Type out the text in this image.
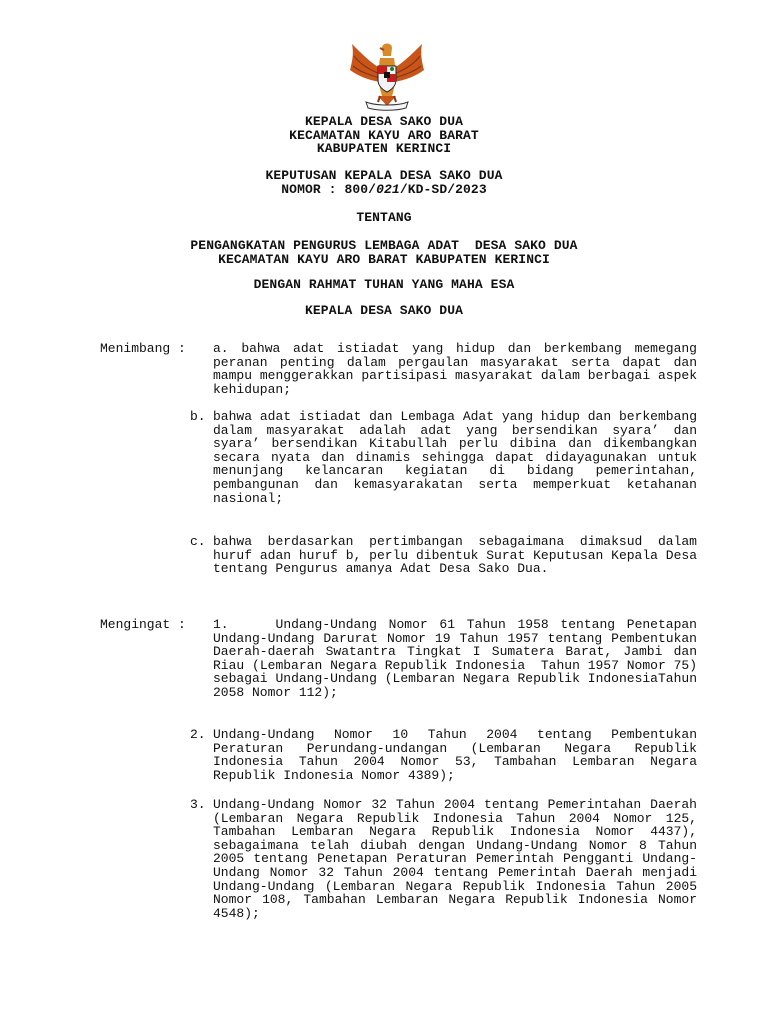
KEPALA DESA SAKO DUA
KECAMATAN KAYU ARO BARAT
KABUPATEN KERINCI
KEPUTUSAN KEPALA DESA SAKO DUA
NOMOR : 800/021/KD-SD/2023
TENTANG
PENGANGKATAN PENGURUS LEMBAGA ADAT  DESA SAKO DUA
KECAMATAN KAYU ARO BARAT KABUPATEN KERINCI
DENGAN RAHMAT TUHAN YANG MAHA ESA
KEPALA DESA SAKO DUA
Menimbang : a. bahwa adat istiadat yang hidup dan berkembang memegang peranan penting dalam pergaulan masyarakat serta dapat dan mampu menggerakkan partisipasi masyarakat dalam berbagai aspek kehidupan;
b. bahwa adat istiadat dan Lembaga Adat yang hidup dan berkembang dalam masyarakat adalah adat yang bersendikan syara’ dan syara’ bersendikan Kitabullah perlu dibina dan dikembangkan secara nyata dan dinamis sehingga dapat didayagunakan untuk menunjang kelancaran kegiatan di bidang pemerintahan, pembangunan dan kemasyarakatan serta memperkuat ketahanan nasional;
c. bahwa berdasarkan pertimbangan sebagaimana dimaksud dalam huruf adan huruf b, perlu dibentuk Surat Keputusan Kepala Desa tentang Pengurus amanya Adat Desa Sako Dua.
Mengingat : 1.    Undang-Undang Nomor 61 Tahun 1958 tentang Penetapan Undang-Undang Darurat Nomor 19 Tahun 1957 tentang Pembentukan Daerah-daerah Swatantra Tingkat I Sumatera Barat, Jambi dan Riau (Lembaran Negara Republik Indonesia  Tahun 1957 Nomor 75) sebagai Undang-Undang (Lembaran Negara Republik IndonesiaTahun 2058 Nomor 112);
2. Undang-Undang Nomor 10 Tahun 2004 tentang Pembentukan Peraturan Perundang-undangan (Lembaran Negara Republik Indonesia Tahun 2004 Nomor 53, Tambahan Lembaran Negara Republik Indonesia Nomor 4389);
3. Undang-Undang Nomor 32 Tahun 2004 tentang Pemerintahan Daerah (Lembaran Negara Republik Indonesia Tahun 2004 Nomor 125, Tambahan Lembaran Negara Republik Indonesia Nomor 4437), sebagaimana telah diubah dengan Undang-Undang Nomor 8 Tahun 2005 tentang Penetapan Peraturan Pemerintah Pengganti Undang-Undang Nomor 32 Tahun 2004 tentang Pemerintah Daerah menjadi Undang-Undang (Lembaran Negara Republik Indonesia Tahun 2005 Nomor 108, Tambahan Lembaran Negara Republik Indonesia Nomor 4548);
